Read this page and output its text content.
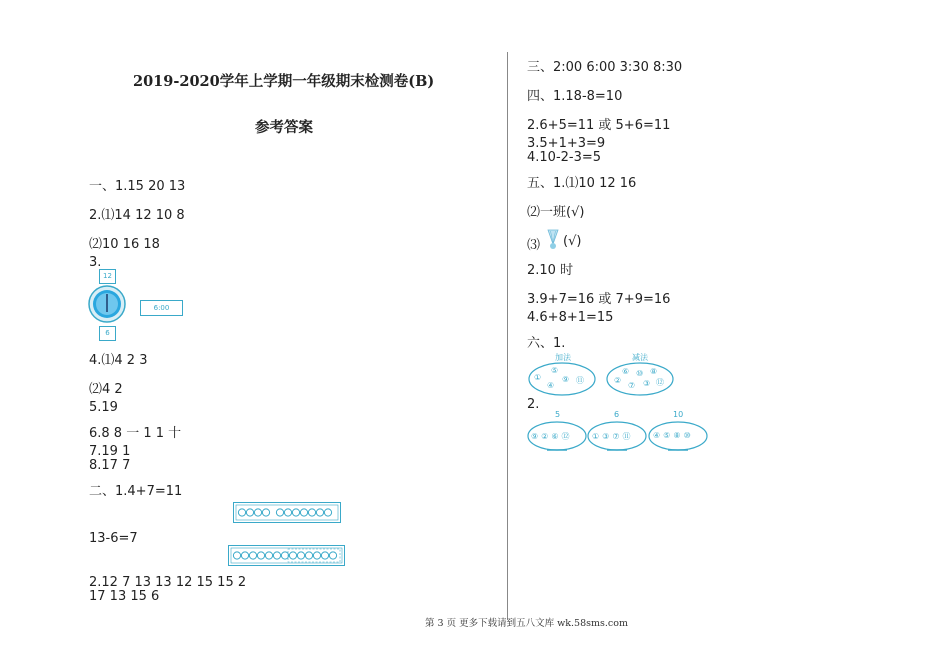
2019-2020学年上学期一年级期末检测卷(B)
参考答案
一、1.15 20 13
2.⑴14 12 10 8
⑵10 16 18
3.
12
6
6:00
4.⑴4 2 3
⑵4 2
5.19
6.8 8 一 1 1 十
7.19 1
8.17 7
二、1.4+7=11
13-6=7
2.12 7 13 13 12 15 15 2
17 13 15 6
三、2:00 6:00 3:30 8:30
四、1.18-8=10
2.6+5=11 或 5+6=11
3.5+1+3=9
4.10-2-3=5
五、1.⑴10 12 16
⑵一班(√)
⑶ (√)
2.10 时
3.9+7=16 或 7+9=16
4.6+8+1=15
六、1.
加法	减法
⑤
①	⑨ ⑪
④
⑥ ⑩ ⑧
②
⑦ ③ ⑫
2.
5	6	10
⑨②⑥⑫ ①③⑦⑪ ④⑤⑧⑩
第 3 页 更多下载请到五八文库 wk.58sms.com
